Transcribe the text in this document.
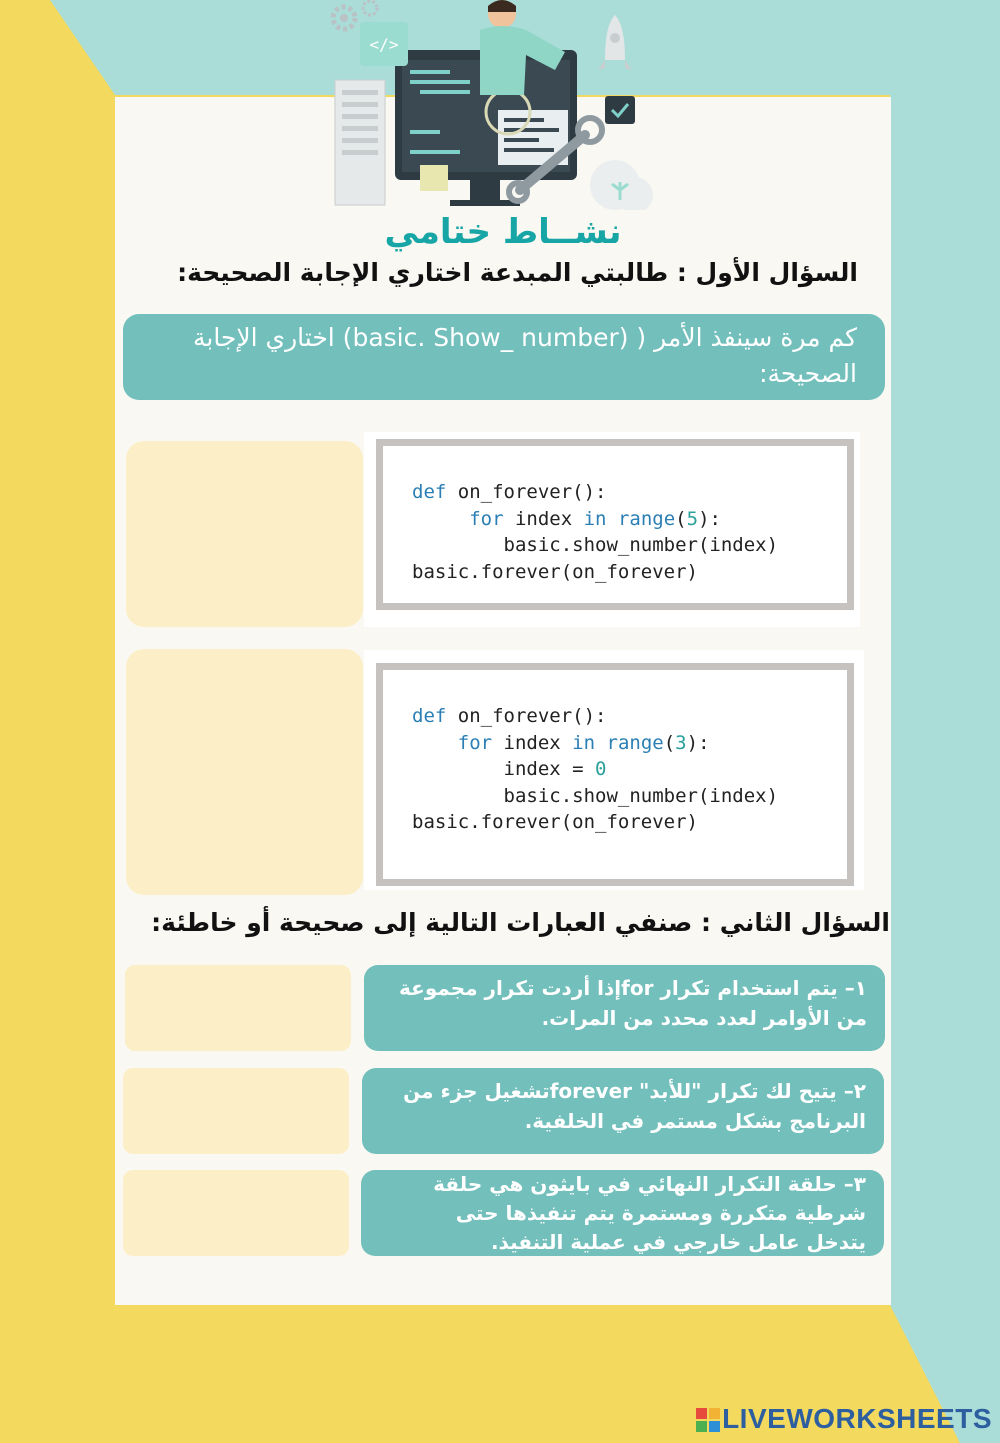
</>
نشــاط ختامي
السؤال الأول : طالبتي المبدعة اختاري الإجابة الصحيحة:
كم مرة سينفذ الأمر ( (basic. Show_ number) اختاري الإجابة الصحيحة:
def on_forever():
for index in range(5):
basic.show_number(index)
basic.forever(on_forever)
def on_forever():
for index in range(3):
index = 0
basic.show_number(index)
basic.forever(on_forever)
السؤال الثاني : صنفي العبارات التالية إلى صحيحة أو خاطئة:
١– يتم استخدام تكرار forإذا أردت تكرار مجموعة من الأوامر لعدد محدد من المرات.
٢– يتيح لك تكرار "للأبد" foreverتشغيل جزء من البرنامج بشكل مستمر في الخلفية.
٣– حلقة التكرار النهائي في بايثون هي حلقة شرطية متكررة ومستمرة يتم تنفيذها حتى يتدخل عامل خارجي في عملية التنفيذ.
LIVEWORKSHEETS
